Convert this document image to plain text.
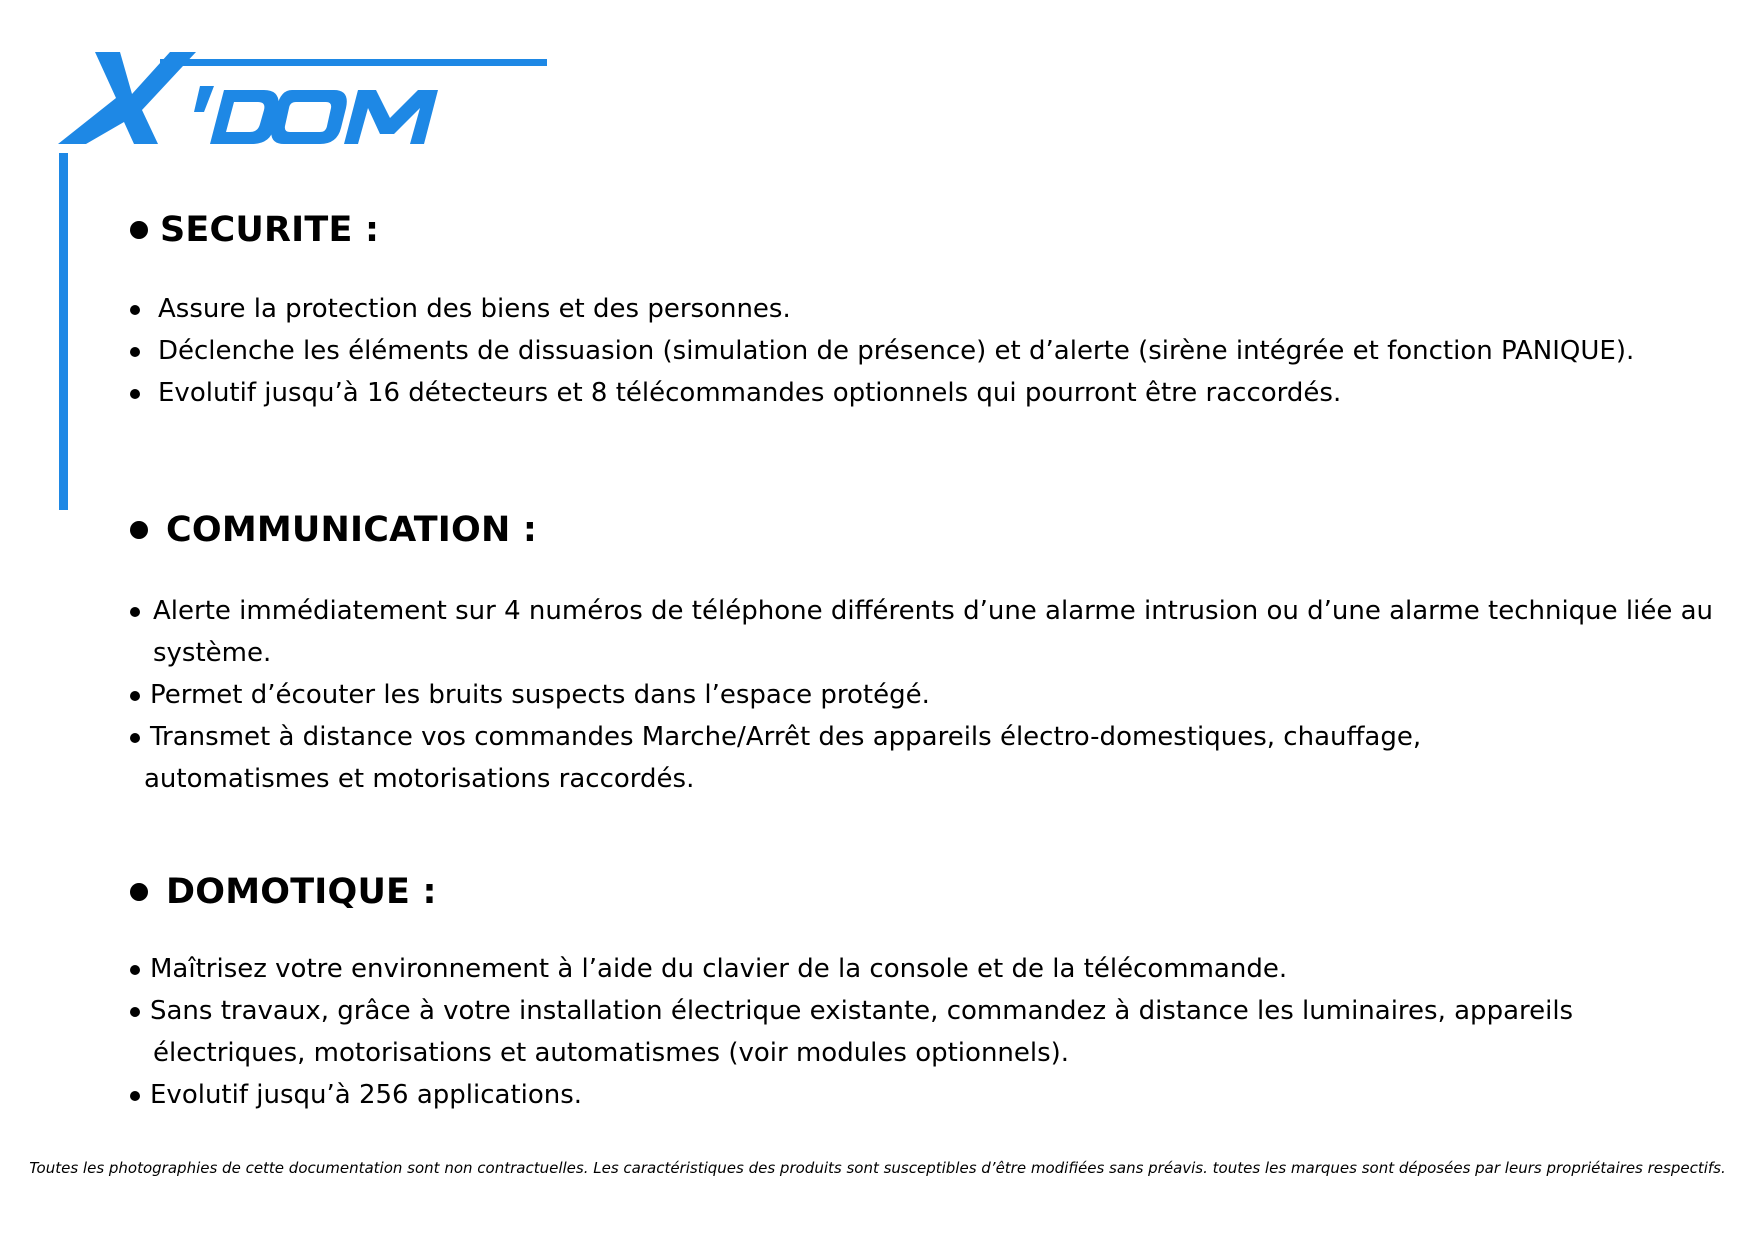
SECURITE :
Assure la protection des biens et des personnes.
Déclenche les éléments de dissuasion (simulation de présence) et d’alerte (sirène intégrée et fonction PANIQUE).
Evolutif jusqu’à 16 détecteurs et 8 télécommandes optionnels qui pourront être raccordés.
COMMUNICATION :
Alerte immédiatement sur 4 numéros de téléphone différents d’une alarme intrusion ou d’une alarme technique liée au
système.
Permet d’écouter les bruits suspects dans l’espace protégé.
Transmet à distance vos commandes Marche/Arrêt des appareils électro-domestiques, chauffage,
automatismes et motorisations raccordés.
DOMOTIQUE :
Maîtrisez votre environnement à l’aide du clavier de la console et de la télécommande.
Sans travaux, grâce à votre installation électrique existante, commandez à distance les luminaires, appareils
électriques, motorisations et automatismes (voir modules optionnels).
Evolutif jusqu’à 256 applications.
Toutes les photographies de cette documentation sont non contractuelles. Les caractéristiques des produits sont susceptibles d’être modifiées sans préavis. toutes les marques sont déposées par leurs propriétaires respectifs.
